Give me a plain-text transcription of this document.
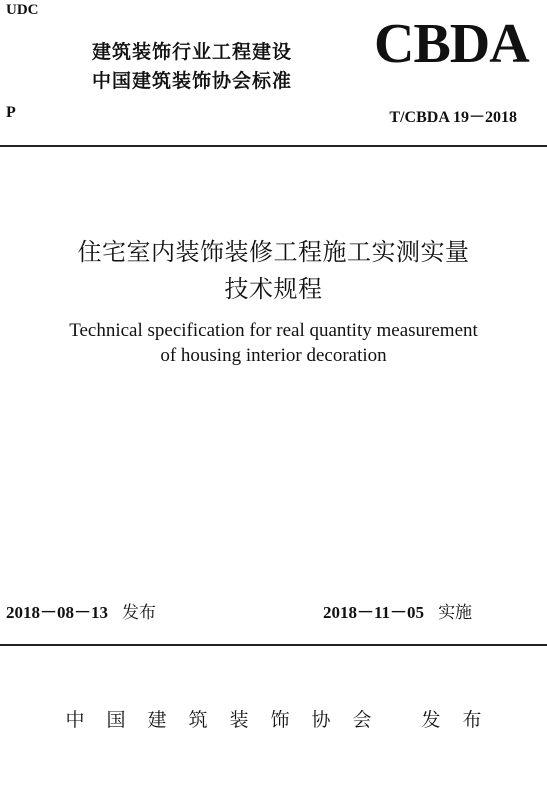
UDC
建筑装饰行业工程建设
中国建筑装饰协会标准
CBDA
P	T/CBDA 19－2018
住宅室内装饰装修工程施工实测实量
技术规程
Technical specification for real quantity measurement
of housing interior decoration
2018－08－13 发布	2018－11－05 实施
中国建筑装饰协会 发布
